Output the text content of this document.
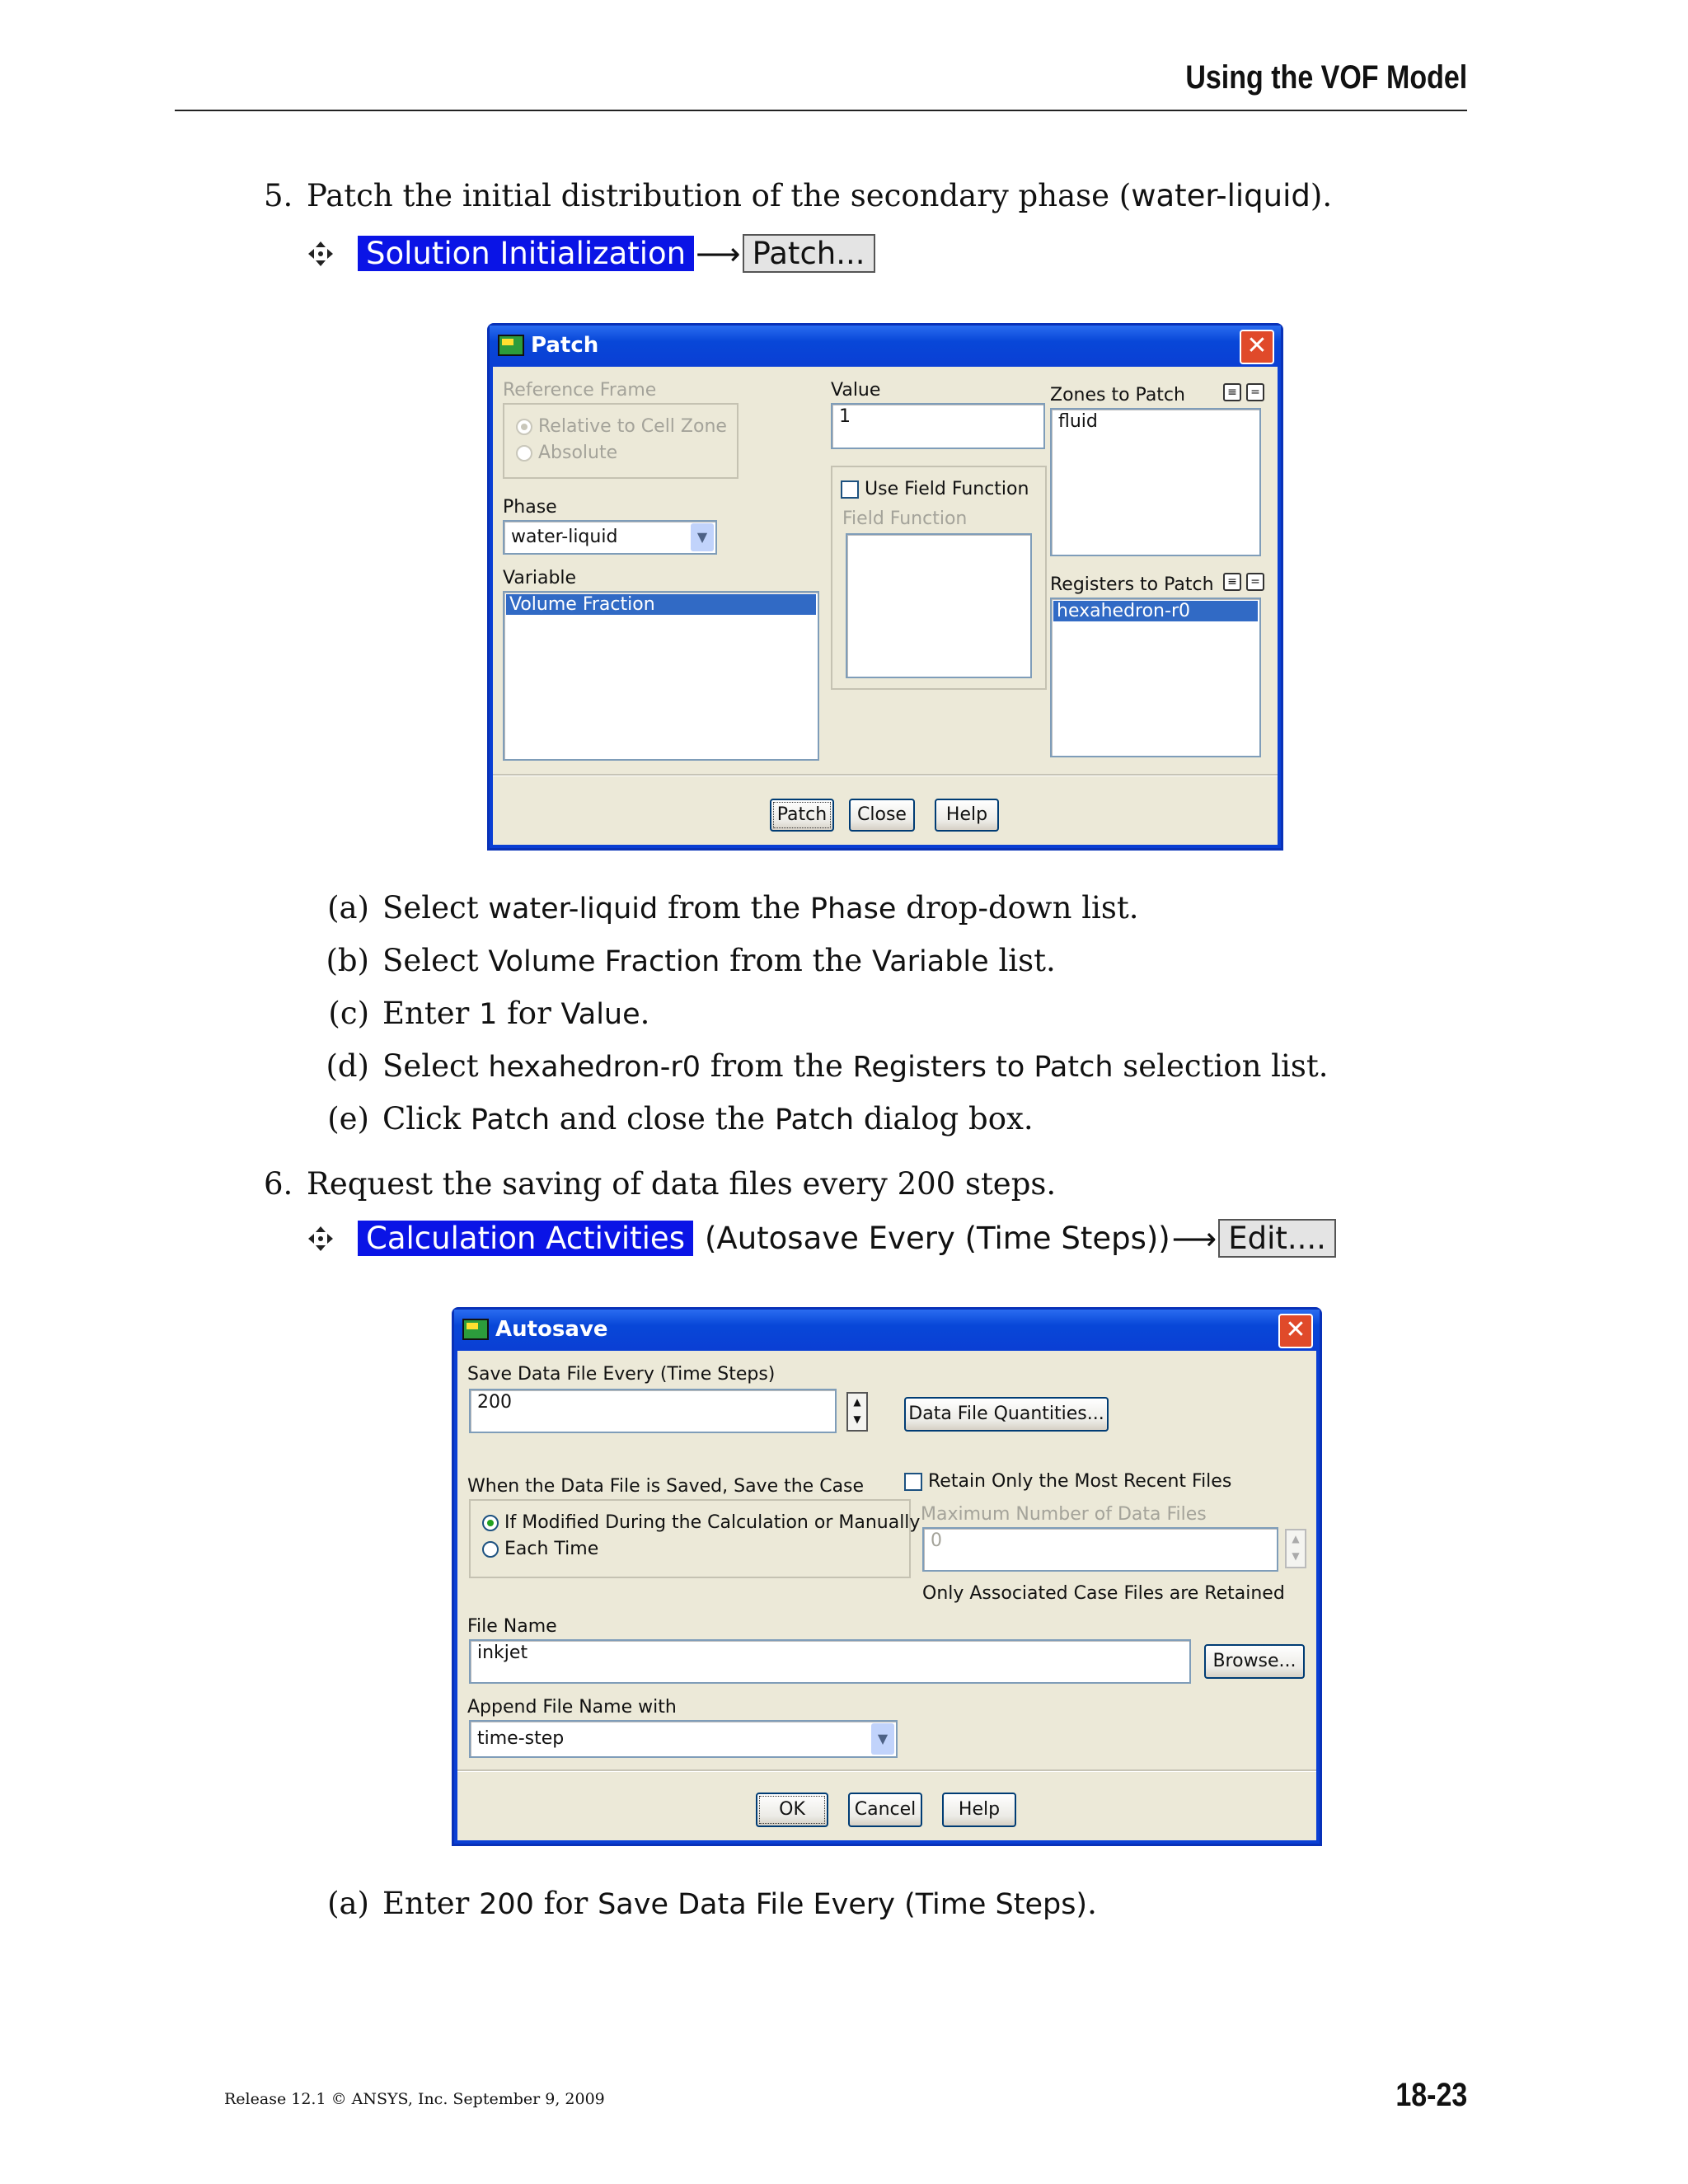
Using the VOF Model
5. Patch the initial distribution of the secondary phase (water-liquid).
Solution Initialization ⟶ Patch...
Patch	✕
Reference Frame
Relative to Cell Zone
Absolute
Phase
water-liquid	▼
Variable
Volume Fraction
Value
1
Use Field Function
Field Function
Zones to Patch	≡	=
fluid
Registers to Patch	≡	=
hexahedron-r0
Patch	Close	Help
(a) Select water-liquid from the Phase drop-down list.
(b) Select Volume Fraction from the Variable list.
(c) Enter 1 for Value.
(d) Select hexahedron-r0 from the Registers to Patch selection list.
(e) Click Patch and close the Patch dialog box.
6. Request the saving of data files every 200 steps.
Calculation Activities (Autosave Every (Time Steps)) ⟶ Edit....
Autosave	✕
Save Data File Every (Time Steps)
200	▲
▼	Data File Quantities...
When the Data File is Saved, Save the Case
If Modified During the Calculation or Manually
Each Time
Retain Only the Most Recent Files
Maximum Number of Data Files
0	▲
▼
Only Associated Case Files are Retained
File Name
inkjet	Browse...
Append File Name with
time-step	▼
OK	Cancel	Help
(a) Enter 200 for Save Data File Every (Time Steps).
Release 12.1 © ANSYS, Inc. September 9, 2009	18-23
